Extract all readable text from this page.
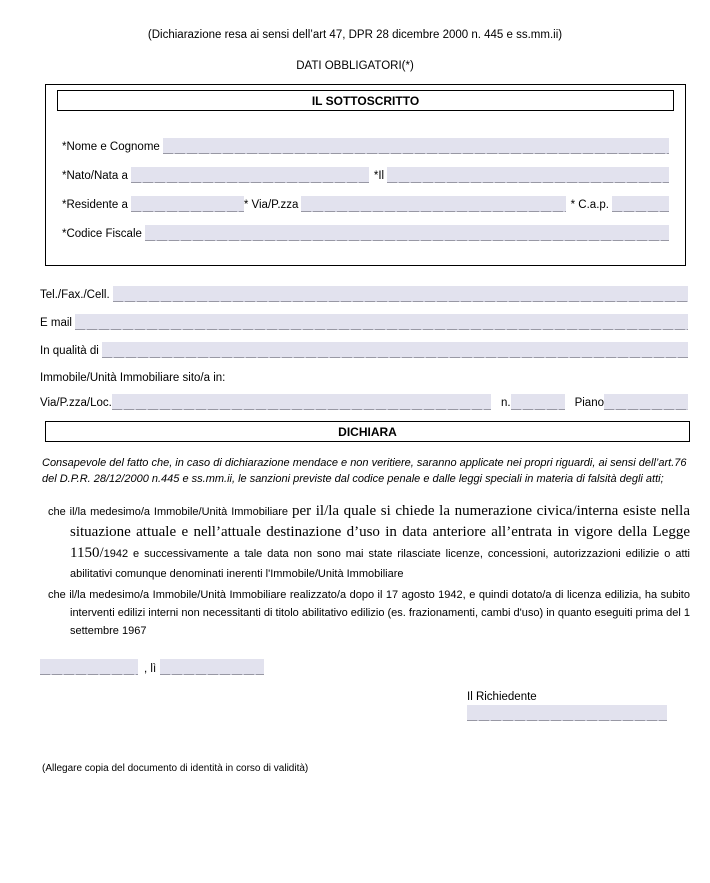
(Dichiarazione resa ai sensi dell’art 47, DPR 28 dicembre 2000 n. 445 e ss.mm.ii)
DATI OBBLIGATORI(*)
IL SOTTOSCRITTO
*Nome e Cognome
*Nato/Nata a	*Il
*Residente a	* Via/P.zza	* C.a.p.
*Codice Fiscale
Tel./Fax./Cell.
E mail
In qualità di
Immobile/Unità Immobiliare sito/a in:
Via/P.zza/Loc.	n.	Piano
DICHIARA
Consapevole del fatto che, in caso di dichiarazione mendace e non veritiere, saranno applicate nei propri riguardi, ai sensi dell’art.76 del D.P.R. 28/12/2000 n.445 e ss.mm.ii, le sanzioni previste dal codice penale e dalle leggi speciali in materia di falsità degli atti;
che il/la medesimo/a Immobile/Unità Immobiliare per il/la quale si chiede la numerazione civica/interna esiste nella situazione attuale e nell’attuale destinazione d’uso in data anteriore all’entrata in vigore della Legge 1150/1942 e successivamente a tale data non sono mai state rilasciate licenze, concessioni, autorizzazioni edilizie o atti abilitativi comunque denominati inerenti l'Immobile/Unità Immobiliare
che il/la medesimo/a Immobile/Unità Immobiliare realizzato/a dopo il 17 agosto 1942, e quindi dotato/a di licenza edilizia, ha subito interventi edilizi interni non necessitanti di titolo abilitativo edilizio (es. frazionamenti, cambi d'uso) in quanto eseguiti prima del 1 settembre 1967
, lì
Il Richiedente
(Allegare copia del documento di identità in corso di validità)
